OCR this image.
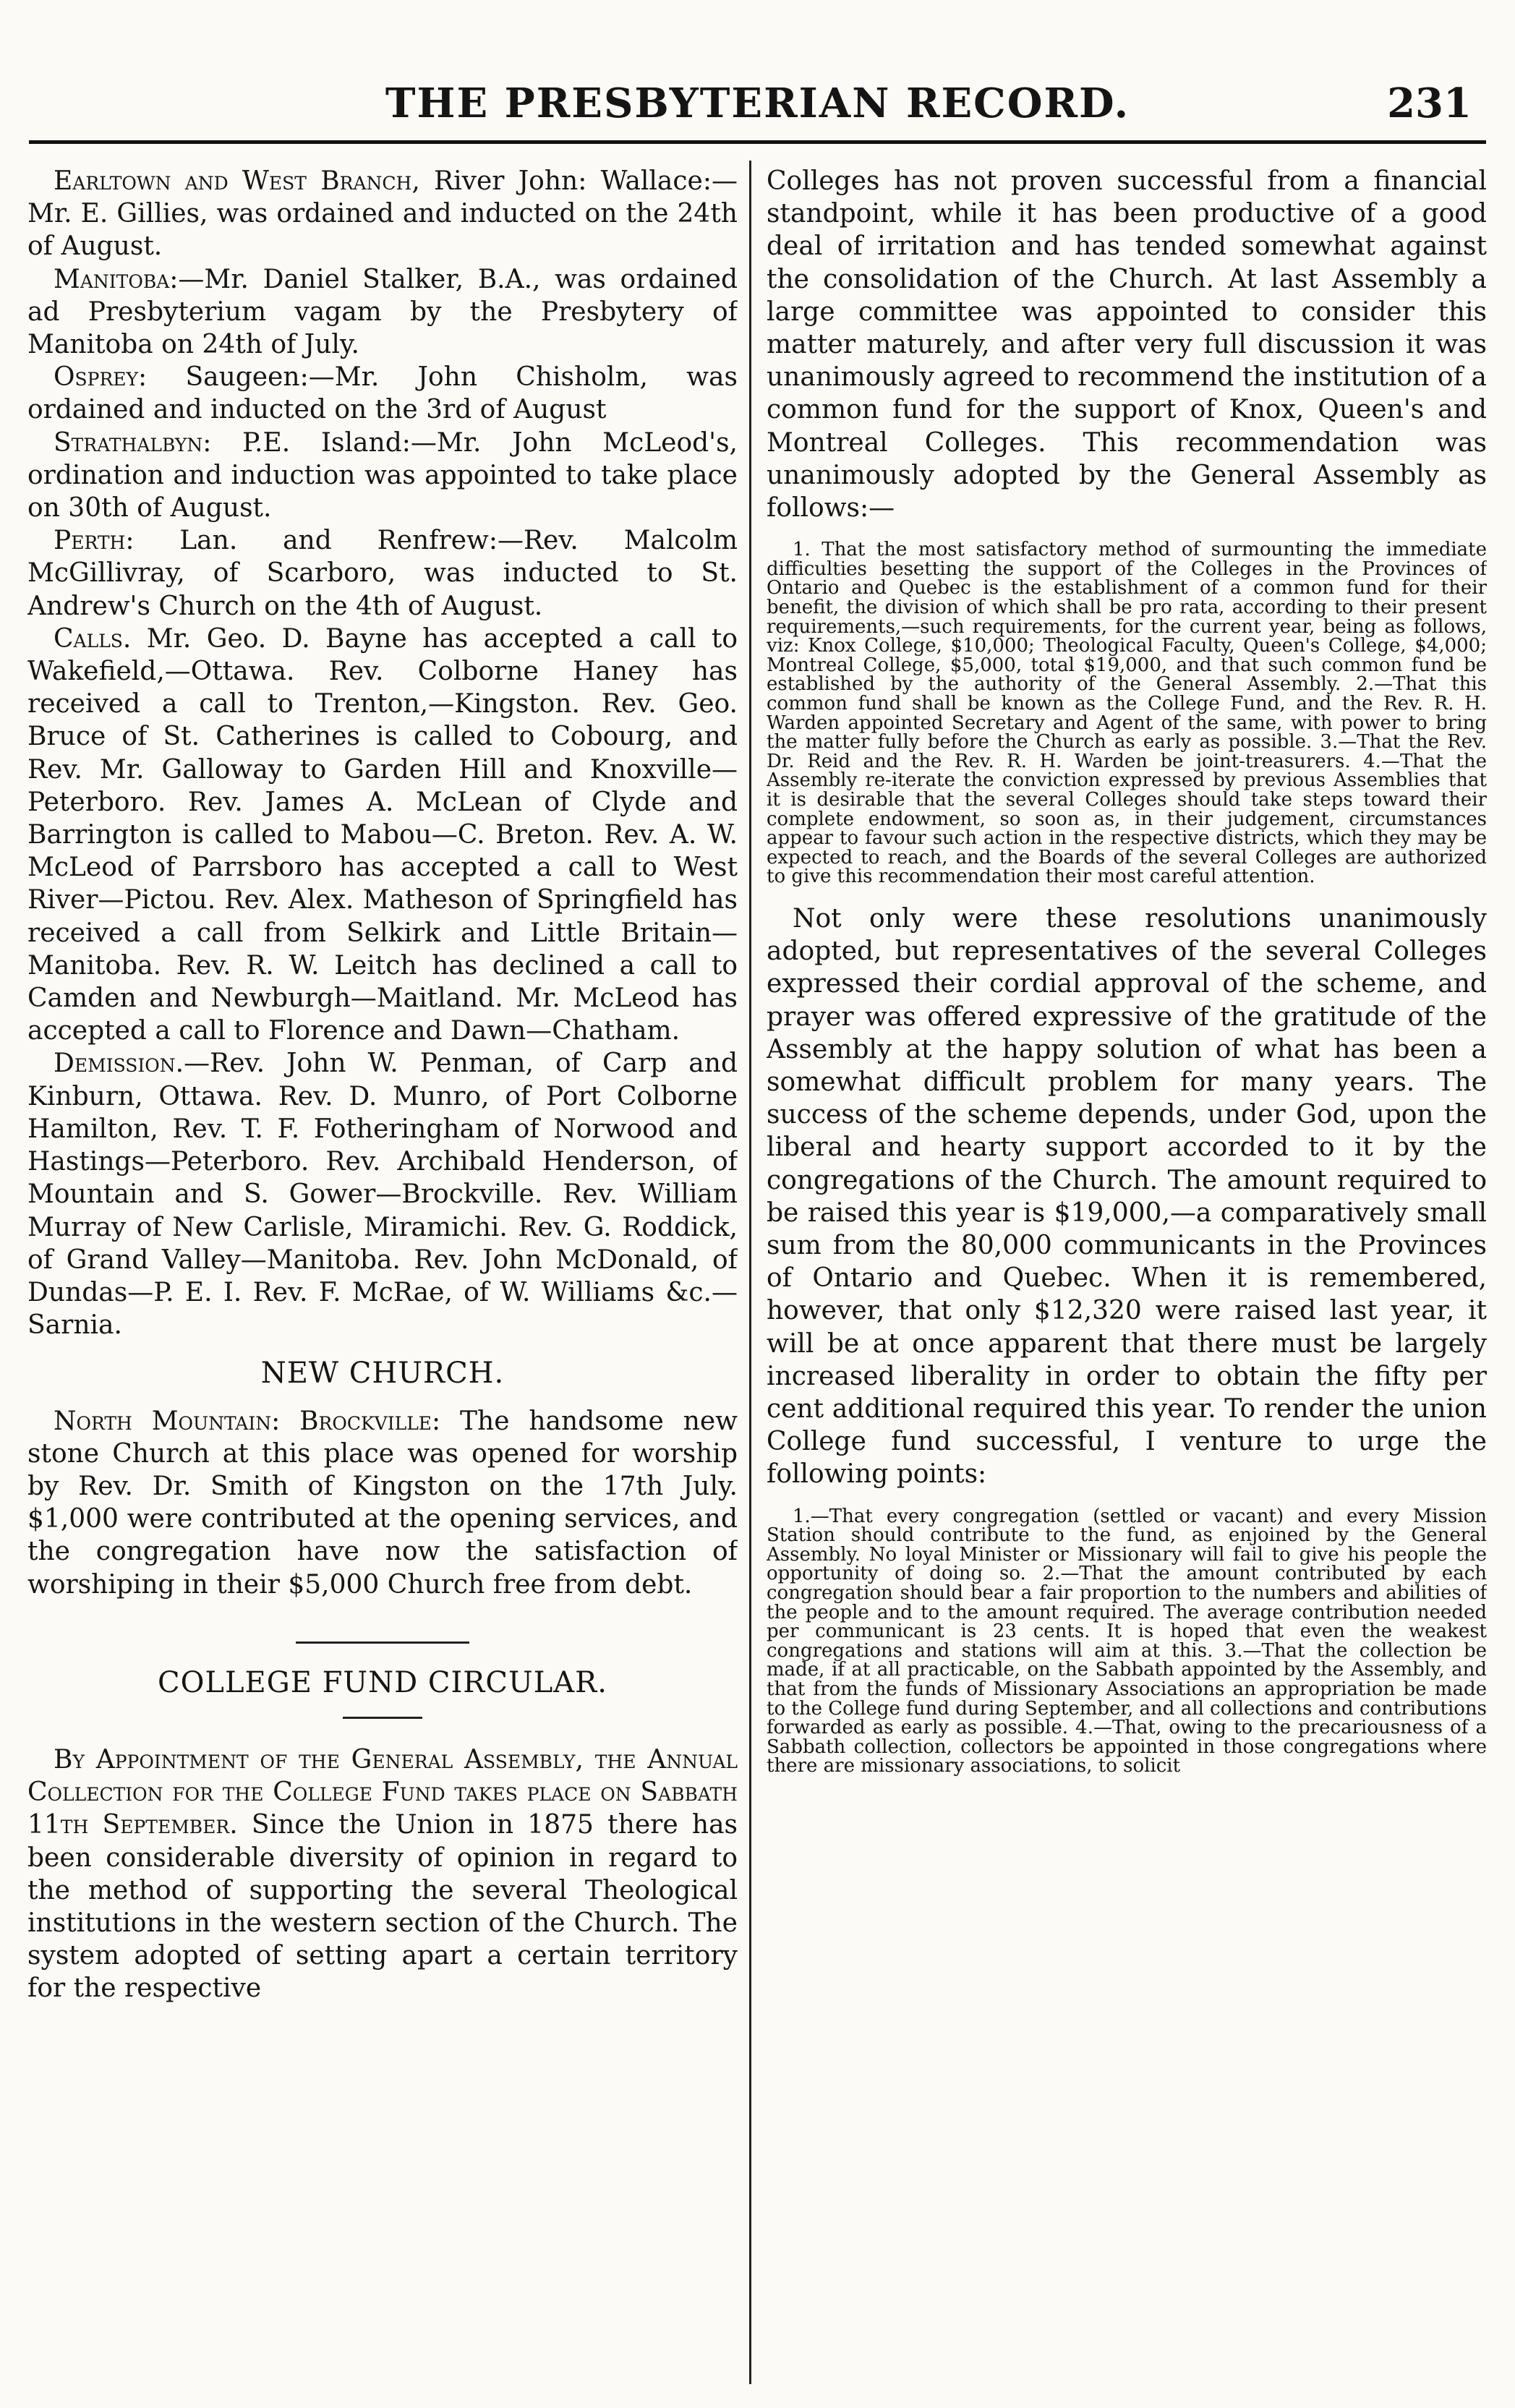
THE PRESBYTERIAN RECORD.	231

Earltown and West Branch, River John: Wallace:—Mr. E. Gillies, was ordained and inducted on the 24th of August.

Manitoba:—Mr. Daniel Stalker, B.A., was ordained ad Presbyterium vagam by the Presbytery of Manitoba on 24th of July.

Osprey: Saugeen:—Mr. John Chisholm, was ordained and inducted on the 3rd of August

Strathalbyn: P.E. Island:—Mr. John McLeod's, ordination and induction was appointed to take place on 30th of August.

Perth: Lan. and Renfrew:—Rev. Malcolm McGillivray, of Scarboro, was inducted to St. Andrew's Church on the 4th of August.

Calls. Mr. Geo. D. Bayne has accepted a call to Wakefield,—Ottawa. Rev. Colborne Haney has received a call to Trenton,—Kingston. Rev. Geo. Bruce of St. Catherines is called to Cobourg, and Rev. Mr. Galloway to Garden Hill and Knoxville—Peterboro. Rev. James A. McLean of Clyde and Barrington is called to Mabou—C. Breton. Rev. A. W. McLeod of Parrsboro has accepted a call to West River—Pictou. Rev. Alex. Matheson of Springfield has received a call from Selkirk and Little Britain—Manitoba. Rev. R. W. Leitch has declined a call to Camden and Newburgh—Maitland. Mr. McLeod has accepted a call to Florence and Dawn—Chatham.

Demission.—Rev. John W. Penman, of Carp and Kinburn, Ottawa. Rev. D. Munro, of Port Colborne Hamilton, Rev. T. F. Fotheringham of Norwood and Hastings—Peterboro. Rev. Archibald Henderson, of Mountain and S. Gower—Brockville. Rev. William Murray of New Carlisle, Miramichi. Rev. G. Roddick, of Grand Valley—Manitoba. Rev. John McDonald, of Dundas—P. E. I. Rev. F. McRae, of W. Williams &c.—Sarnia.

NEW CHURCH.

North Mountain: Brockville: The handsome new stone Church at this place was opened for worship by Rev. Dr. Smith of Kingston on the 17th July. $1,000 were contributed at the opening services, and the congregation have now the satisfaction of worshiping in their $5,000 Church free from debt.

COLLEGE FUND CIRCULAR.

By Appointment of the General Assembly, the Annual Collection for the College Fund takes place on Sabbath 11th September. Since the Union in 1875 there has been considerable diversity of opinion in regard to the method of supporting the several Theological institutions in the western section of the Church. The system adopted of setting apart a certain territory for the respective

Colleges has not proven successful from a financial standpoint, while it has been productive of a good deal of irritation and has tended somewhat against the consolidation of the Church. At last Assembly a large committee was appointed to consider this matter maturely, and after very full discussion it was unanimously agreed to recommend the institution of a common fund for the support of Knox, Queen's and Montreal Colleges. This recommendation was unanimously adopted by the General Assembly as follows:—

1. That the most satisfactory method of surmounting the immediate difficulties besetting the support of the Colleges in the Provinces of Ontario and Quebec is the establishment of a common fund for their benefit, the division of which shall be pro rata, according to their present requirements,—such requirements, for the current year, being as follows, viz: Knox College, $10,000; Theological Faculty, Queen's College, $4,000; Montreal College, $5,000, total $19,000, and that such common fund be established by the authority of the General Assembly. 2.—That this common fund shall be known as the College Fund, and the Rev. R. H. Warden appointed Secretary and Agent of the same, with power to bring the matter fully before the Church as early as possible. 3.—That the Rev. Dr. Reid and the Rev. R. H. Warden be joint-treasurers. 4.—That the Assembly re-iterate the conviction expressed by previous Assemblies that it is desirable that the several Colleges should take steps toward their complete endowment, so soon as, in their judgement, circumstances appear to favour such action in the respective districts, which they may be expected to reach, and the Boards of the several Colleges are authorized to give this recommendation their most careful attention.

Not only were these resolutions unanimously adopted, but representatives of the several Colleges expressed their cordial approval of the scheme, and prayer was offered expressive of the gratitude of the Assembly at the happy solution of what has been a somewhat difficult problem for many years. The success of the scheme depends, under God, upon the liberal and hearty support accorded to it by the congregations of the Church. The amount required to be raised this year is $19,000,—a comparatively small sum from the 80,000 communicants in the Provinces of Ontario and Quebec. When it is remembered, however, that only $12,320 were raised last year, it will be at once apparent that there must be largely increased liberality in order to obtain the fifty per cent additional required this year. To render the union College fund successful, I venture to urge the following points:

1.—That every congregation (settled or vacant) and every Mission Station should contribute to the fund, as enjoined by the General Assembly. No loyal Minister or Missionary will fail to give his people the opportunity of doing so. 2.—That the amount contributed by each congregation should bear a fair proportion to the numbers and abilities of the people and to the amount required. The average contribution needed per communicant is 23 cents. It is hoped that even the weakest congregations and stations will aim at this. 3.—That the collection be made, if at all practicable, on the Sabbath appointed by the Assembly, and that from the funds of Missionary Associations an appropriation be made to the College fund during September, and all collections and contributions forwarded as early as possible. 4.—That, owing to the precariousness of a Sabbath collection, collectors be appointed in those congregations where there are missionary associations, to solicit
